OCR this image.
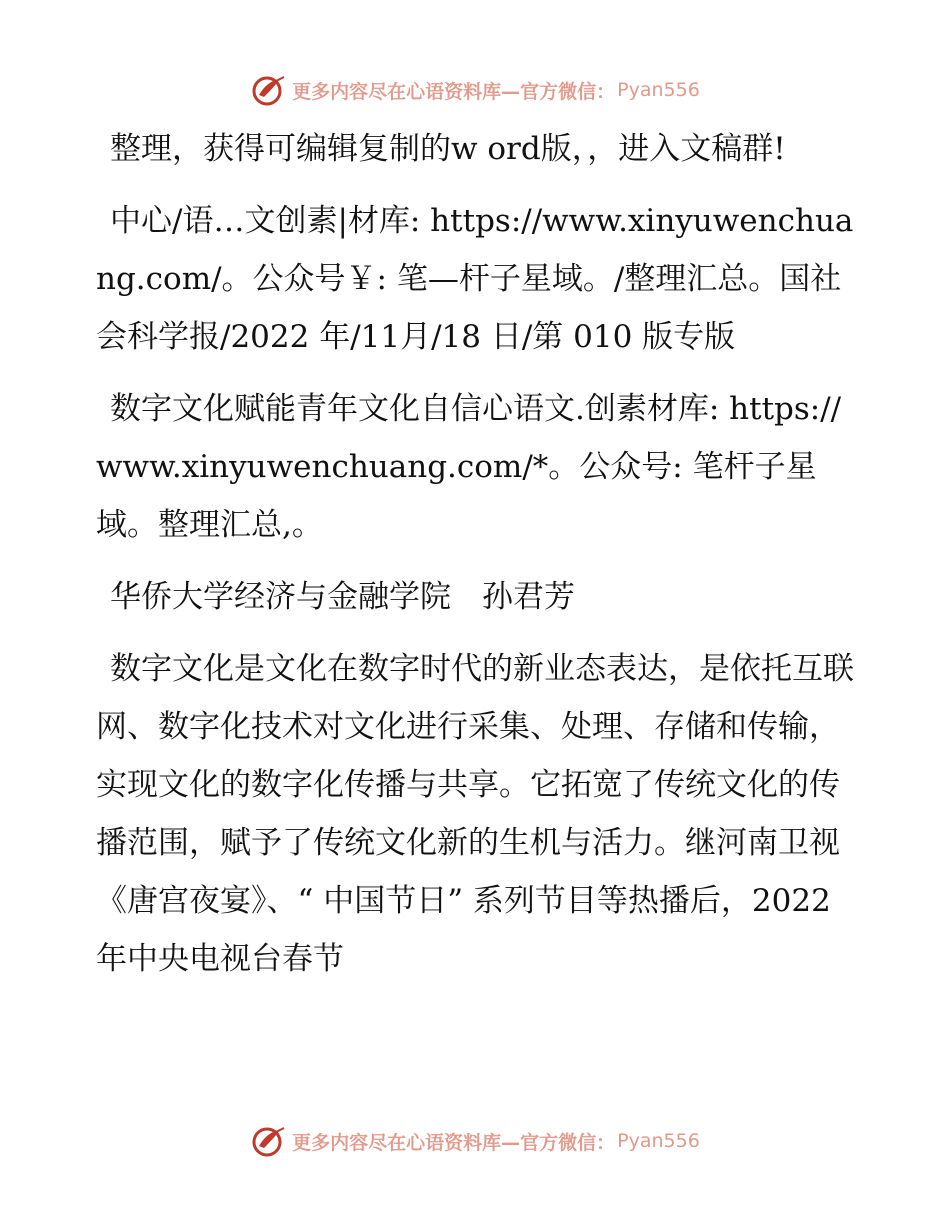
更多内容尽在心语资料库—官方微信： Pyan556

整理，获得可编辑复制的w ord版，，进入文稿群!

中心/语…文创素|材库: https://www.xinyuwenchuang.com/。公众号￥: 笔—杆子星域。/整理汇总。国社会科学报/2022 年/11月/18 日/第 010 版专版

数字文化赋能青年文化自信心语文.创素材库: https://www.xinyuwenchuang.com/*。公众号: 笔杆子星域。整理汇总,。

华侨大学经济与金融学院　孙君芳

数字文化是文化在数字时代的新业态表达，是依托互联网、数字化技术对文化进行采集、处理、存储和传输，实现文化的数字化传播与共享。它拓宽了传统文化的传播范围，赋予了传统文化新的生机与活力。继河南卫视《唐宫夜宴》、“ 中国节日” 系列节目等热播后，2022 年中央电视台春节

更多内容尽在心语资料库—官方微信： Pyan556
